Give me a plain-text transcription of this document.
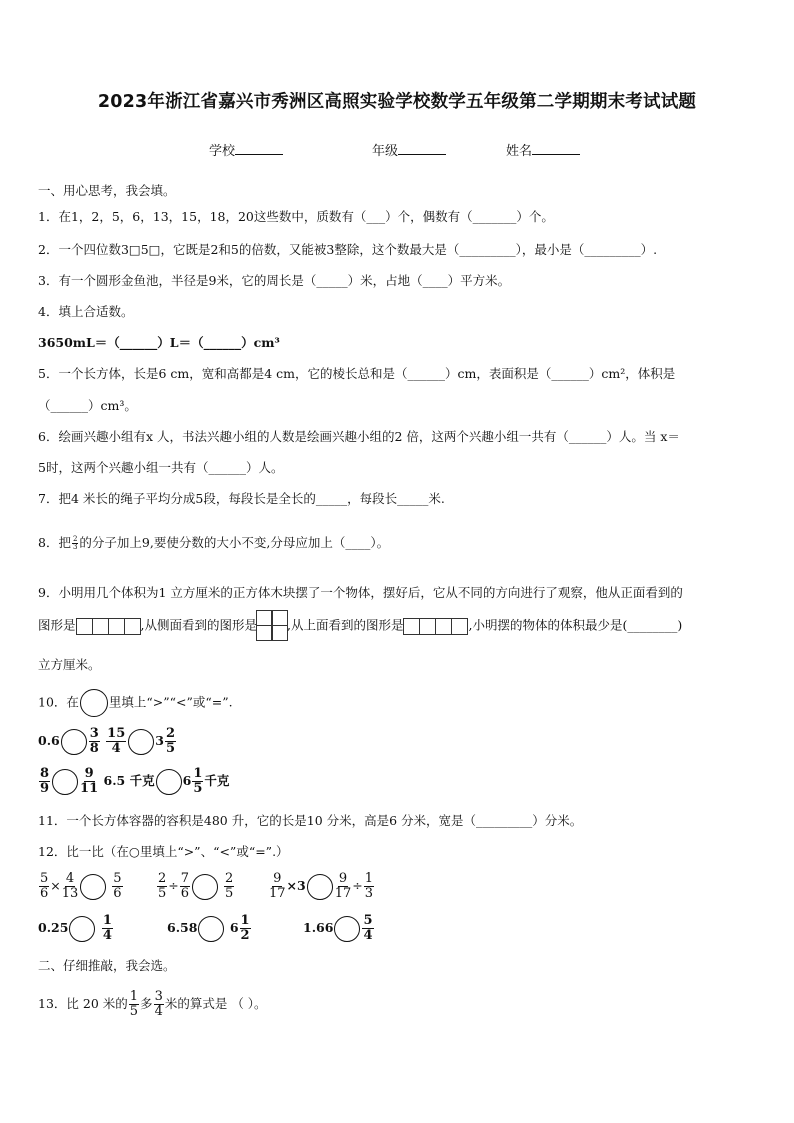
2023年浙江省嘉兴市秀洲区高照实验学校数学五年级第二学期期末考试试题
学校	年级	姓名
一、用心思考，我会填。
1．在1，2，5，6，13，15，18，20这些数中，质数有（___）个，偶数有（_______）个。
2．一个四位数3□5□，它既是2和5的倍数，又能被3整除，这个数最大是（_________），最小是（_________）.
3．有一个圆形金鱼池，半径是9米，它的周长是（_____）米，占地（____）平方米。
4．填上合适数。
3650mL＝（______）L＝（______）cm³
5．一个长方体，长是6 cm，宽和高都是4 cm，它的棱长总和是（______）cm，表面积是（______）cm²，体积是
（______）cm³。
6．绘画兴趣小组有x 人，书法兴趣小组的人数是绘画兴趣小组的2 倍，这两个兴趣小组一共有（______）人。当 x＝
5时，这两个兴趣小组一共有（______）人。
7．把4 米长的绳子平均分成5段，每段长是全长的_____，每段长_____米.
8．把 $\frac{2}{3}$ 的分子加上9,要使分数的大小不变,分母应加上（____）。
9．小明用几个体积为1 立方厘米的正方体木块摆了一个物体，摆好后，它从不同的方向进行了观察，他从正面看到的
图形是	,从侧面看到的图形是 ,从上面看到的图形是	,小明摆的物体的体积最少是(________)
立方厘米。
10．在 里填上“>”“<”或“=”.
$0.6 \frac{3}{8}$
$\frac{15}{4} 3 \frac{2}{5}$
$\frac{8}{9} \frac{9}{11} 6.5$ 千克 $6 \frac{1}{5}$ 千克
11．一个长方体容器的容积是480 升，它的长是10 分米，高是6 分米，宽是（_________）分米。
12．比一比（在○里填上“>”、“<”或“=”.）
$\frac{5}{6} \times \frac{4}{13}$
	$\frac{5}{6}$	$\frac{2}{5} \div \frac{7}{6}$
	$\frac{2}{5}$	$\frac{9}{17} \times 3 \frac{9}{17} \div \frac{1}{3}$
0.25	$\frac{1}{4}$	6.58	$6 \frac{1}{2}$	$1.66 \frac{5}{4}$
二、仔细推敲，我会选。
13．比 20 米的 $\frac{1}{5}$ 多 $\frac{3}{4}$ 米的算式是 （ ）。
